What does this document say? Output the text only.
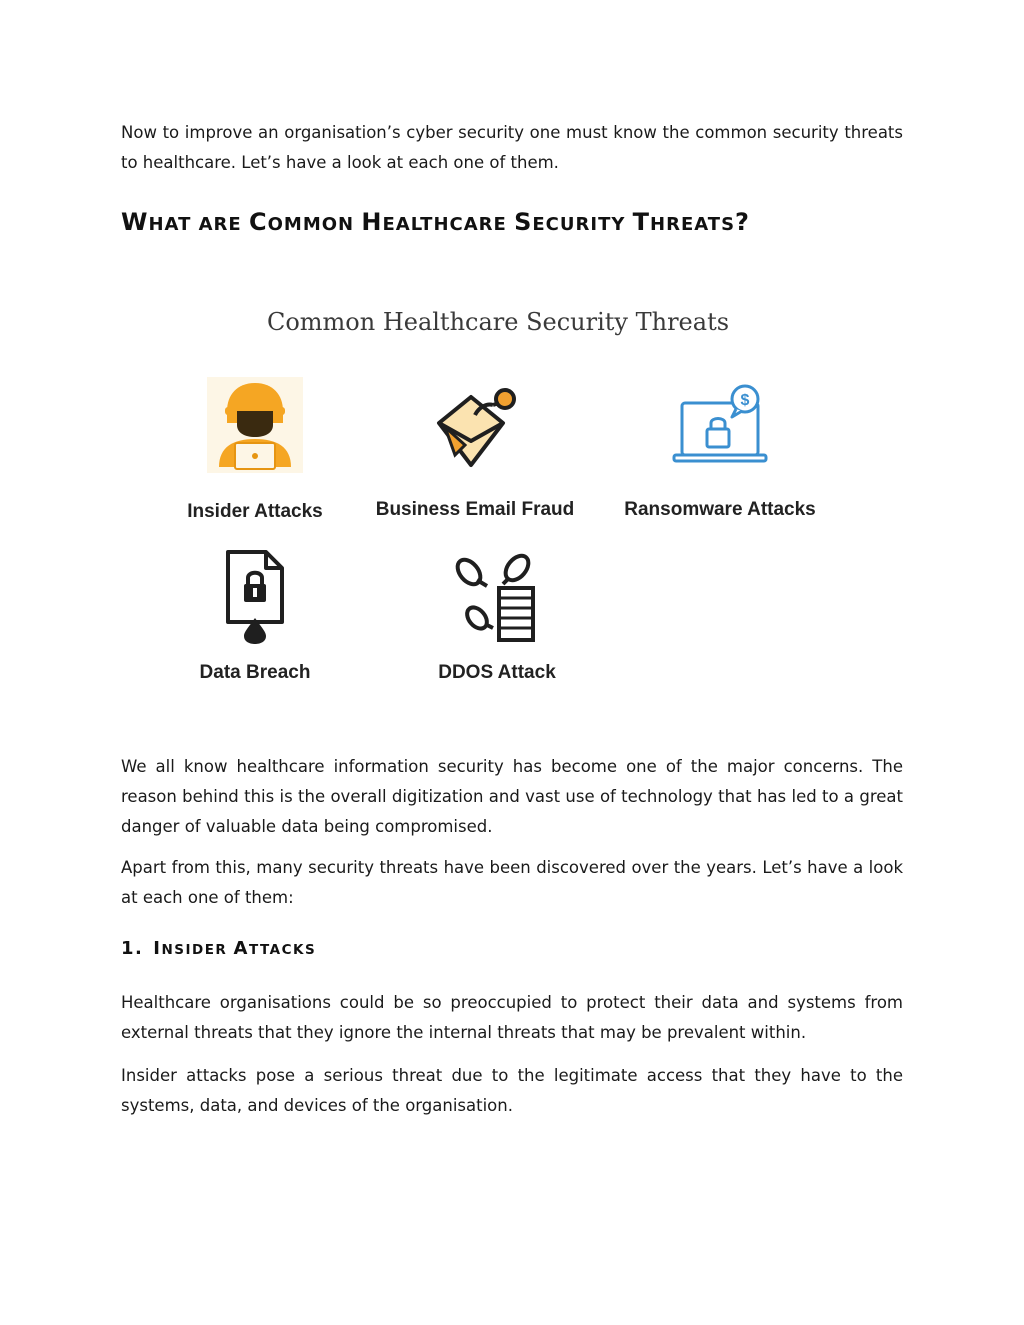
Now to improve an organisation’s cyber security one must know the common security threats to healthcare. Let’s have a look at each one of them.

WHAT ARE COMMON HEALTHCARE SECURITY THREATS?

We all know healthcare information security has become one of the major concerns. The reason behind this is the overall digitization and vast use of technology that has led to a great danger of valuable data being compromised.

Apart from this, many security threats have been discovered over the years. Let’s have a look at each one of them:

1. INSIDER ATTACKS

Healthcare organisations could be so preoccupied to protect their data and systems from external threats that they ignore the internal threats that may be prevalent within.

Insider attacks pose a serious threat due to the legitimate access that they have to the systems, data, and devices of the organisation.

Common Healthcare Security Threats
Insider Attacks	Business Email Fraud
$
Ransomware Attacks
Data Breach	DDOS Attack
